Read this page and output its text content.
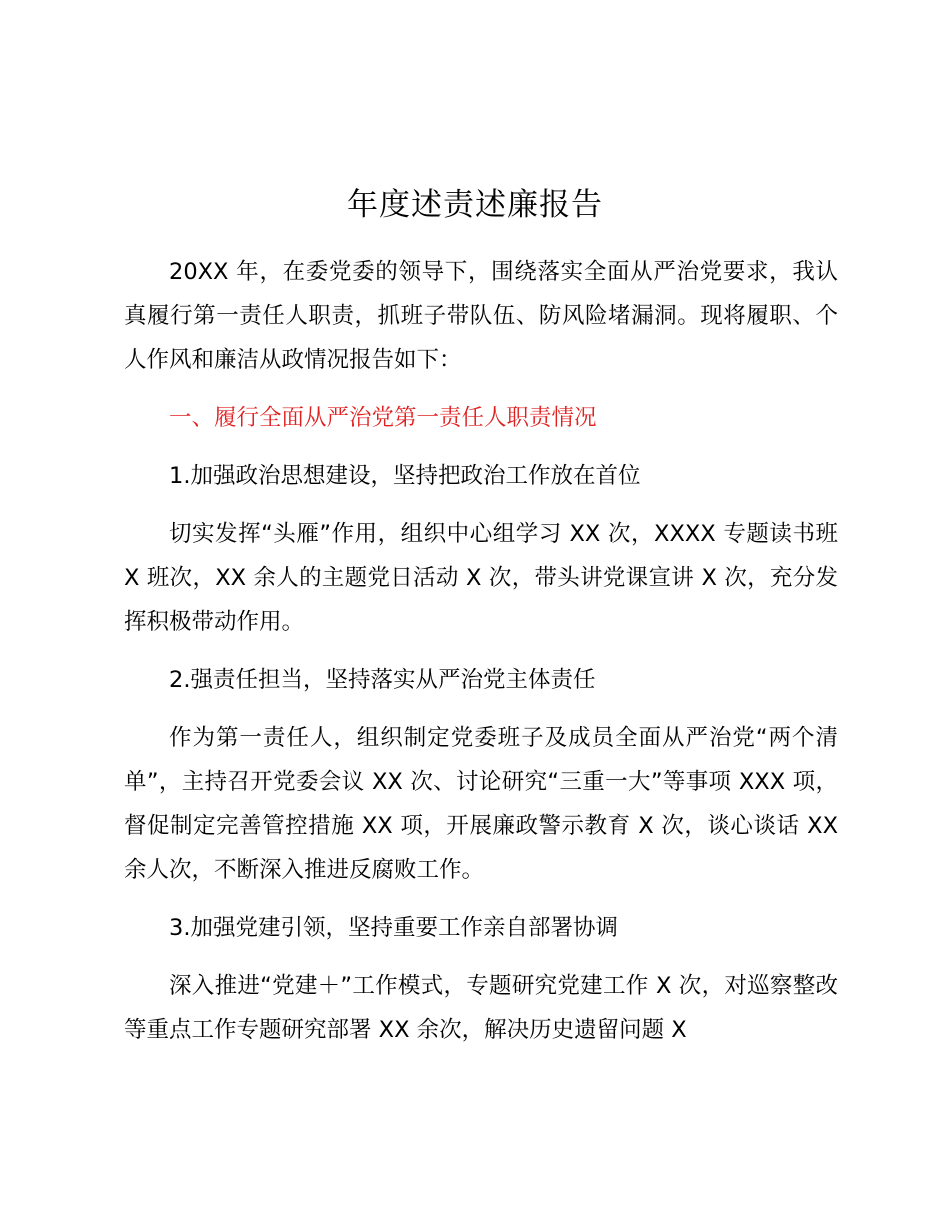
年度述责述廉报告

20XX 年，在委党委的领导下，围绕落实全面从严治党要求，我认真履行第一责任人职责，抓班子带队伍、防风险堵漏洞。现将履职、个人作风和廉洁从政情况报告如下：

一、履行全面从严治党第一责任人职责情况

1.加强政治思想建设，坚持把政治工作放在首位

切实发挥“头雁”作用，组织中心组学习 XX 次，XXXX 专题读书班 X 班次，XX 余人的主题党日活动 X 次，带头讲党课宣讲 X 次，充分发挥积极带动作用。

2.强责任担当，坚持落实从严治党主体责任

作为第一责任人，组织制定党委班子及成员全面从严治党“两个清单”，主持召开党委会议 XX 次、讨论研究“三重一大”等事项 XXX 项，督促制定完善管控措施 XX 项，开展廉政警示教育 X 次，谈心谈话 XX 余人次，不断深入推进反腐败工作。

3.加强党建引领，坚持重要工作亲自部署协调

深入推进“党建＋”工作模式，专题研究党建工作 X 次，对巡察整改等重点工作专题研究部署 XX 余次，解决历史遗留问题 X
